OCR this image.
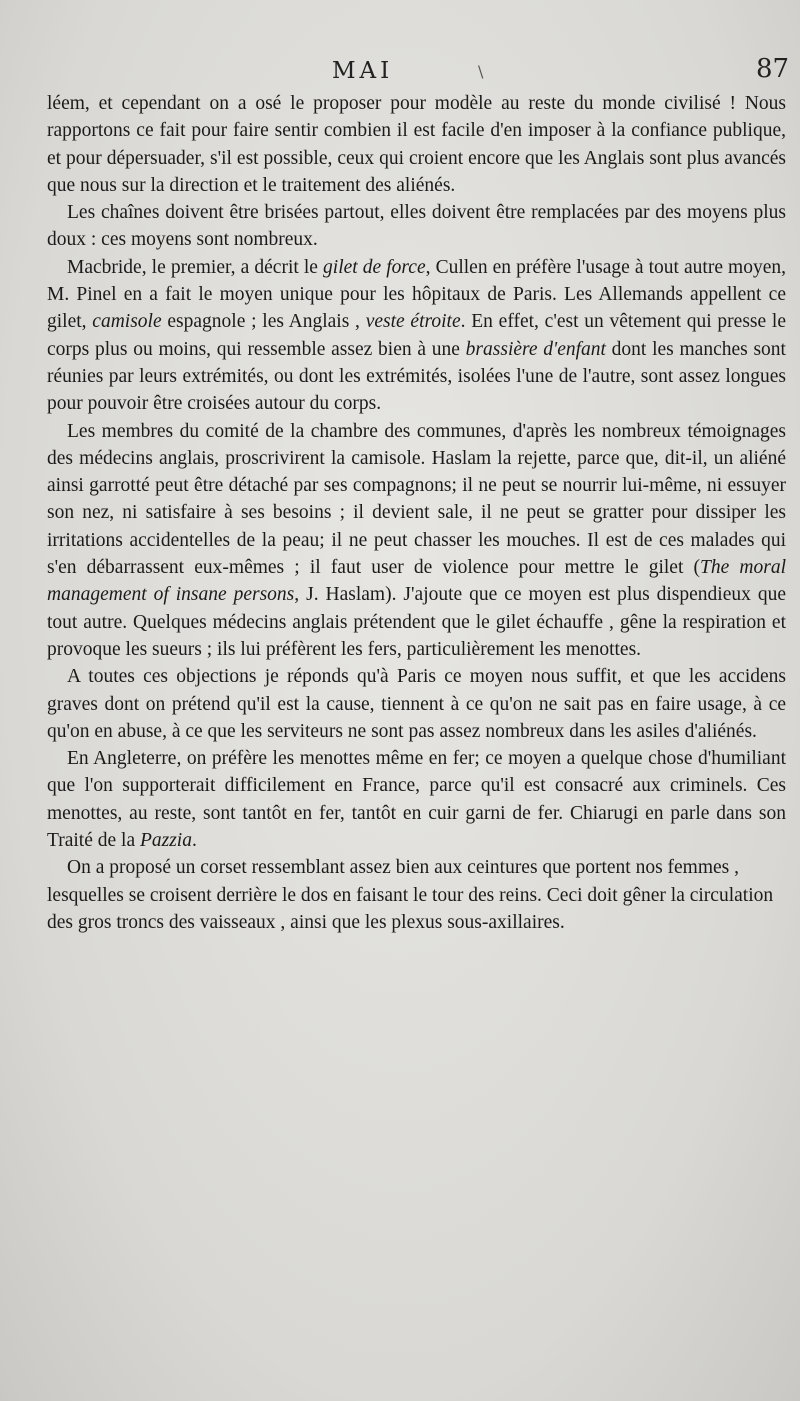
MAI	\	87

léem, et cependant on a osé le proposer pour modèle au reste du monde civilisé ! Nous rapportons ce fait pour faire sentir combien il est facile d'en imposer à la confiance publique, et pour dépersuader, s'il est possible, ceux qui croient encore que les Anglais sont plus avancés que nous sur la direction et le traitement des aliénés.

Les chaînes doivent être brisées partout, elles doivent être remplacées par des moyens plus doux : ces moyens sont nombreux.

Macbride, le premier, a décrit le gilet de force, Cullen en préfère l'usage à tout autre moyen, M. Pinel en a fait le moyen unique pour les hôpitaux de Paris. Les Allemands appellent ce gilet, camisole espagnole ; les Anglais , veste étroite. En effet, c'est un vêtement qui presse le corps plus ou moins, qui ressemble assez bien à une brassière d'enfant dont les manches sont réunies par leurs extrémités, ou dont les extrémités, isolées l'une de l'autre, sont assez longues pour pouvoir être croisées autour du corps.

Les membres du comité de la chambre des communes, d'après les nombreux témoignages des médecins anglais, proscrivirent la camisole. Haslam la rejette, parce que, dit-il, un aliéné ainsi garrotté peut être détaché par ses compagnons; il ne peut se nourrir lui-même, ni essuyer son nez, ni satisfaire à ses besoins ; il devient sale, il ne peut se gratter pour dissiper les irritations accidentelles de la peau; il ne peut chasser les mouches. Il est de ces malades qui s'en débarrassent eux-mêmes ; il faut user de violence pour mettre le gilet (The moral management of insane persons, J. Haslam). J'ajoute que ce moyen est plus dispendieux que tout autre. Quelques médecins anglais prétendent que le gilet échauffe , gêne la respiration et provoque les sueurs ; ils lui préfèrent les fers, particulièrement les menottes.

A toutes ces objections je réponds qu'à Paris ce moyen nous suffit, et que les accidens graves dont on prétend qu'il est la cause, tiennent à ce qu'on ne sait pas en faire usage, à ce qu'on en abuse, à ce que les serviteurs ne sont pas assez nombreux dans les asiles d'aliénés.

En Angleterre, on préfère les menottes même en fer; ce moyen a quelque chose d'humiliant que l'on supporterait difficilement en France, parce qu'il est consacré aux criminels. Ces menottes, au reste, sont tantôt en fer, tantôt en cuir garni de fer. Chiarugi en parle dans son Traité de la Pazzia.

On a proposé un corset ressemblant assez bien aux ceintures que portent nos femmes , lesquelles se croisent derrière le dos en faisant le tour des reins. Ceci doit gêner la circulation des gros troncs des vaisseaux , ainsi que les plexus sous-axillaires.
